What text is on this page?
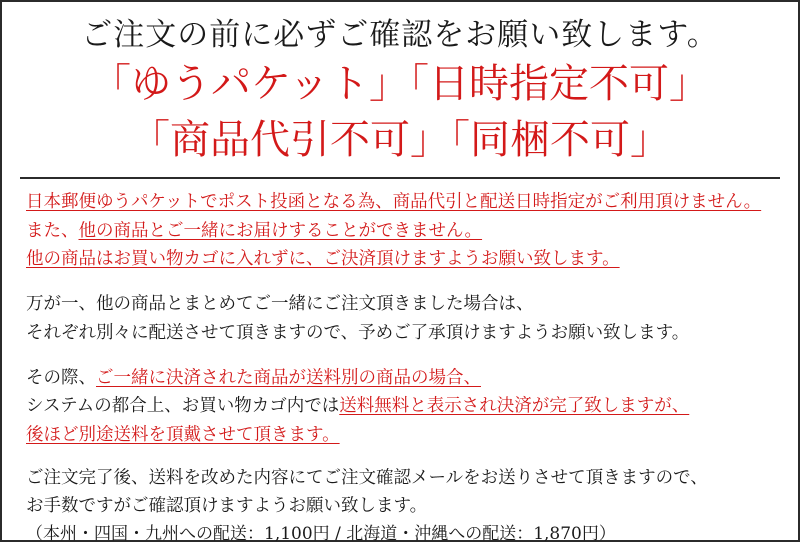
ご注文の前に必ずご確認をお願い致します。
「ゆうパケット」「日時指定不可」
「商品代引不可」「同梱不可」
日本郵便ゆうパケットでポスト投函となる為、商品代引と配送日時指定がご利用頂けません。
また、他の商品とご一緒にお届けすることができません。
他の商品はお買い物カゴに入れずに、ご決済頂けますようお願い致します。
万が一、他の商品とまとめてご一緒にご注文頂きました場合は、
それぞれ別々に配送させて頂きますので、予めご了承頂けますようお願い致します。
その際、ご一緒に決済された商品が送料別の商品の場合、
システムの都合上、お買い物カゴ内では送料無料と表示され決済が完了致しますが、
後ほど別途送料を頂戴させて頂きます。
ご注文完了後、送料を改めた内容にてご注文確認メールをお送りさせて頂きますので、
お手数ですがご確認頂けますようお願い致します。
（本州・四国・九州への配送：1,100円 / 北海道・沖縄への配送：1,870円）
